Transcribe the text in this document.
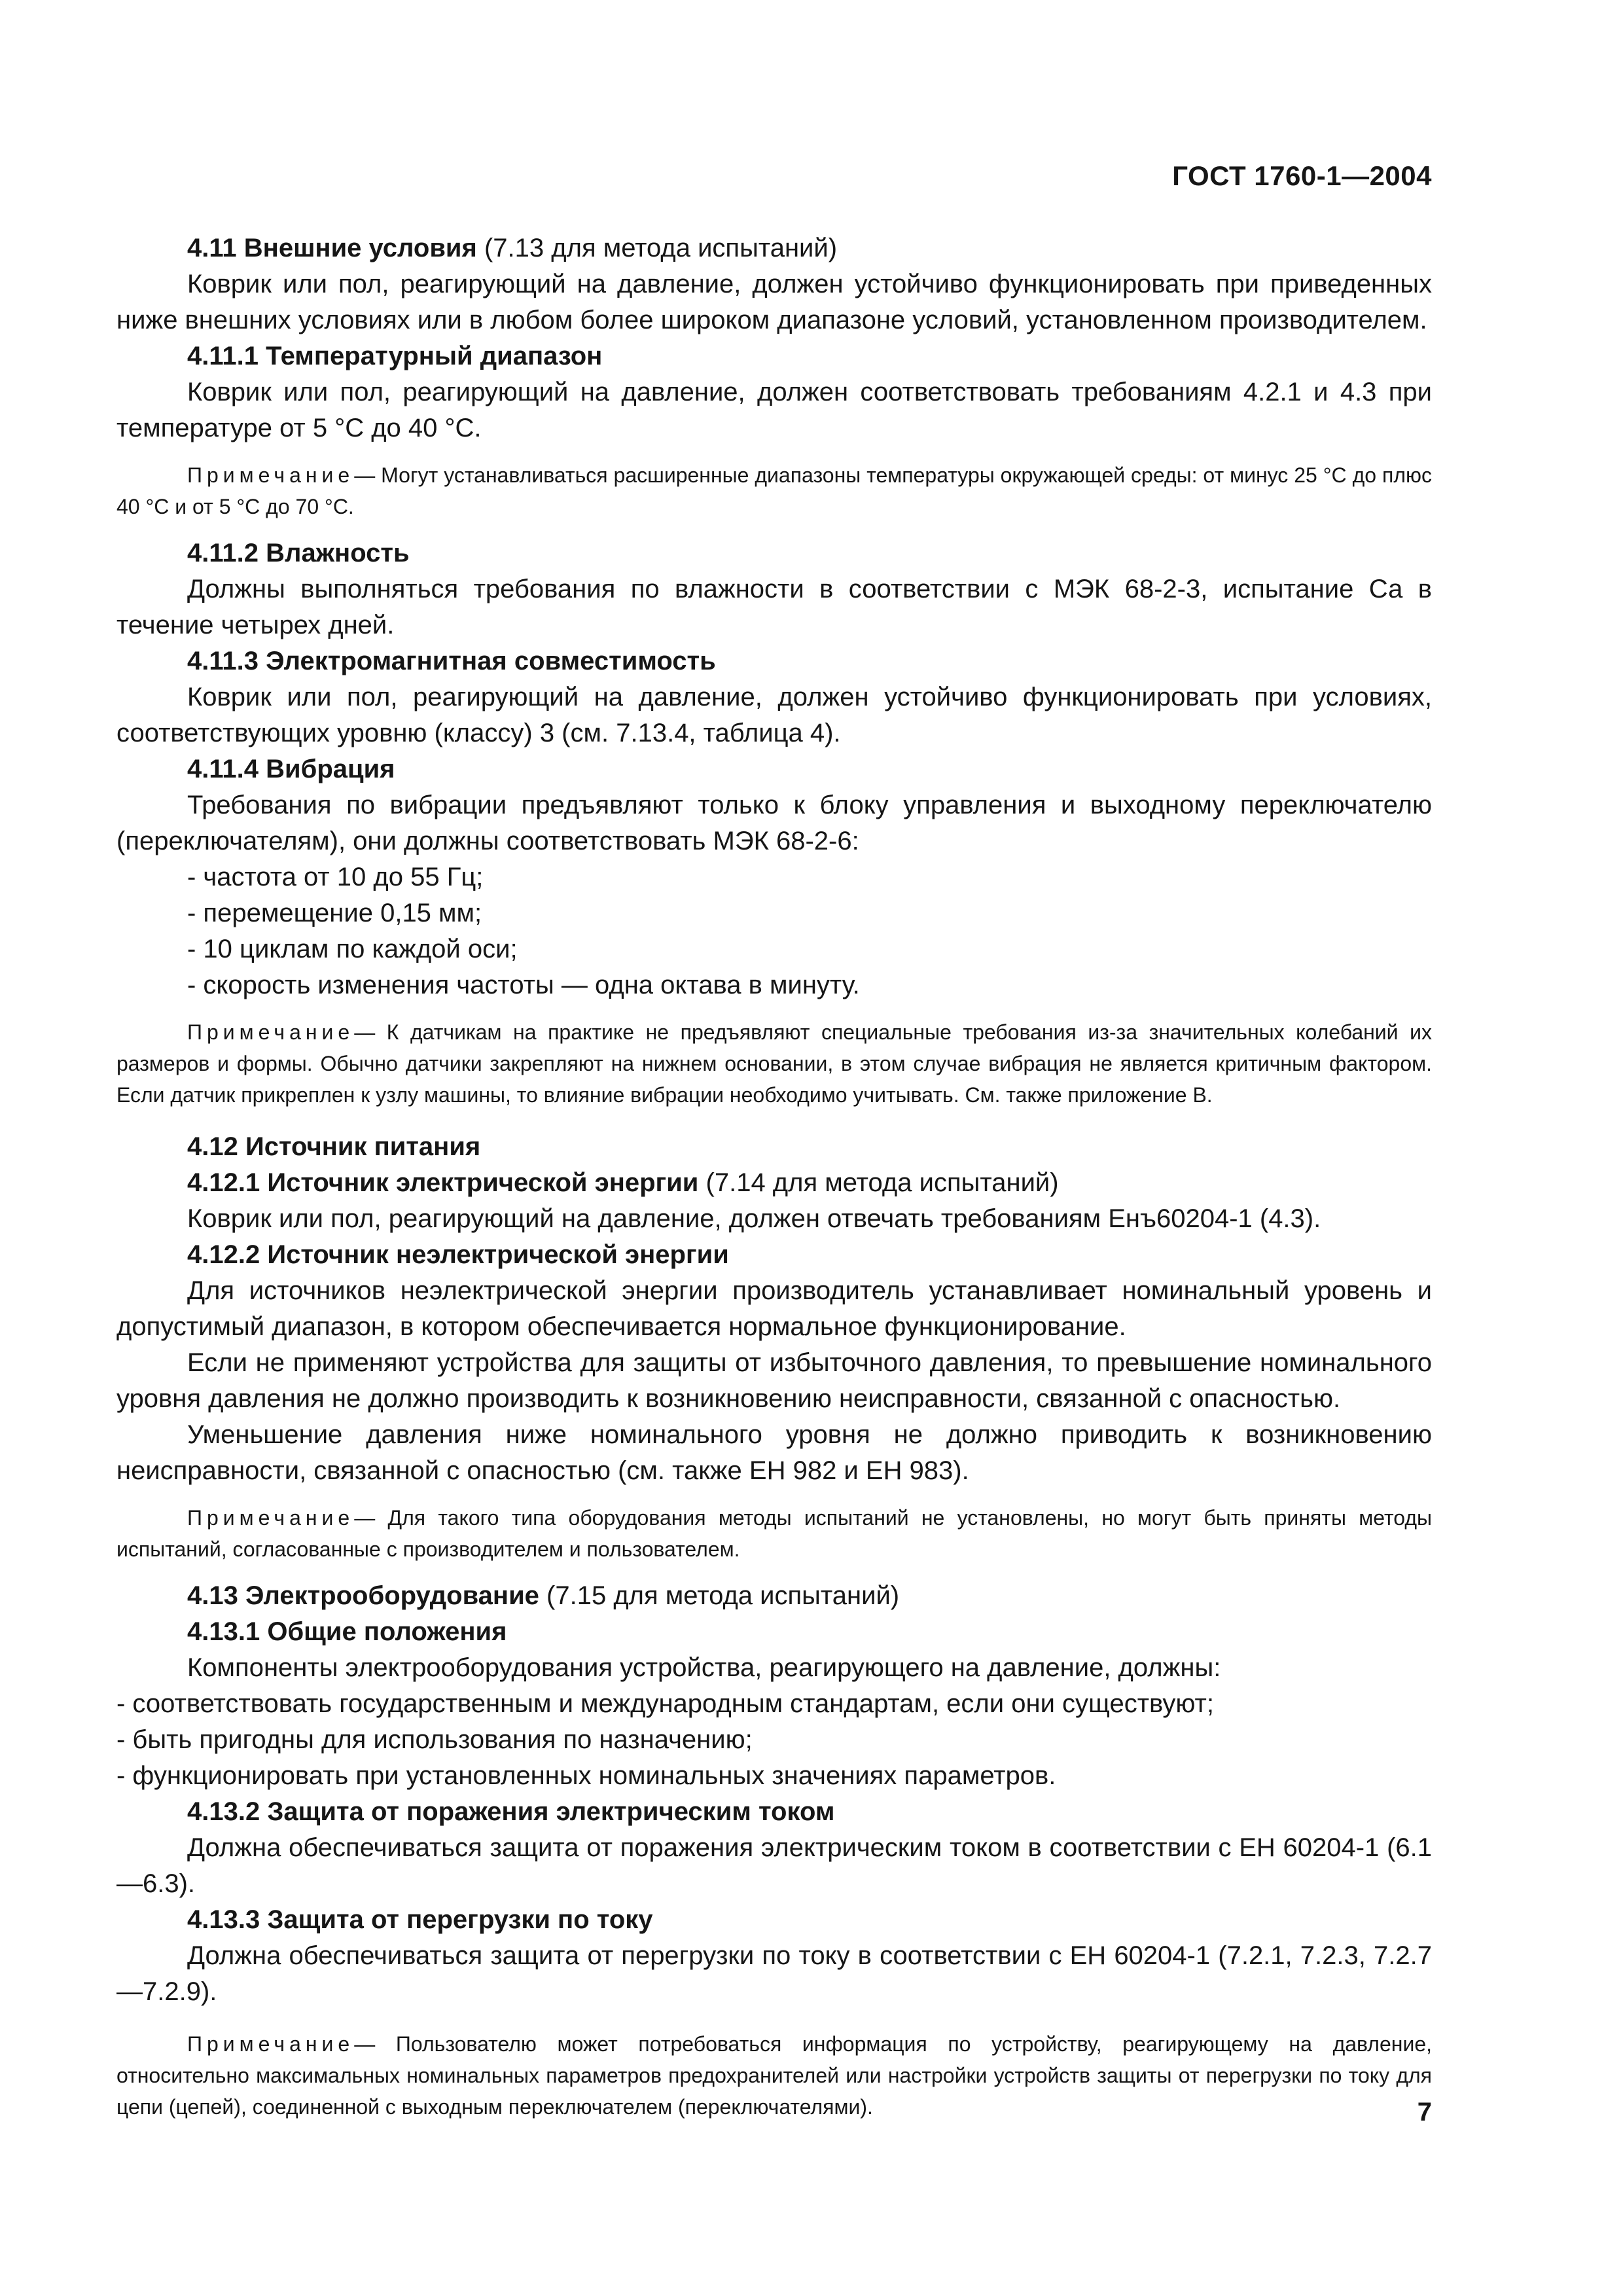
ГОСТ 1760-1—2004

4.11 Внешние условия (7.13 для метода испытаний)

Коврик или пол, реагирующий на давление, должен устойчиво функционировать при приведенных ниже внешних условиях или в любом более широком диапазоне условий, установленном производителем.

4.11.1 Температурный диапазон

Коврик или пол, реагирующий на давление, должен соответствовать требованиям 4.2.1 и 4.3 при температуре от 5 °C до 40 °C.

Примечание— Могут устанавливаться расширенные диапазоны температуры окружающей среды: от минус 25 °C до плюс 40 °C и от 5 °C до 70 °C.

4.11.2 Влажность

Должны выполняться требования по влажности в соответствии с МЭК 68-2-3, испытание Са в течение четырех дней.

4.11.3 Электромагнитная совместимость

Коврик или пол, реагирующий на давление, должен устойчиво функционировать при условиях, соответствующих уровню (классу) 3 (см. 7.13.4, таблица 4).

4.11.4 Вибрация

Требования по вибрации предъявляют только к блоку управления и выходному переключателю (переключателям), они должны соответствовать МЭК 68-2-6:

- частота от 10 до 55 Гц;

- перемещение 0,15 мм;

- 10 циклам по каждой оси;

- скорость изменения частоты — одна октава в минуту.

Примечание— К датчикам на практике не предъявляют специальные требования из-за значительных колебаний их размеров и формы. Обычно датчики закрепляют на нижнем основании, в этом случае вибрация не является критичным фактором. Если датчик прикреплен к узлу машины, то влияние вибрации необходимо учитывать. См. также приложение В.

4.12 Источник питания

4.12.1 Источник электрической энергии (7.14 для метода испытаний)

Коврик или пол, реагирующий на давление, должен отвечать требованиям Енъ60204-1 (4.3).

4.12.2 Источник неэлектрической энергии

Для источников неэлектрической энергии производитель устанавливает номинальный уровень и допустимый диапазон, в котором обеспечивается нормальное функционирование.

Если не применяют устройства для защиты от избыточного давления, то превышение номинального уровня давления не должно производить к возникновению неисправности, связанной с опасностью.

Уменьшение давления ниже номинального уровня не должно приводить к возникновению неисправности, связанной с опасностью (см. также ЕН 982 и ЕН 983).

Примечание— Для такого типа оборудования методы испытаний не установлены, но могут быть приняты методы испытаний, согласованные с производителем и пользователем.

4.13 Электрооборудование (7.15 для метода испытаний)

4.13.1 Общие положения

Компоненты электрооборудования устройства, реагирующего на давление, должны:

- соответствовать государственным и международным стандартам, если они существуют;

- быть пригодны для использования по назначению;

- функционировать при установленных номинальных значениях параметров.

4.13.2 Защита от поражения электрическим током

Должна обеспечиваться защита от поражения электрическим током в соответствии с ЕН 60204-1 (6.1—6.3).

4.13.3 Защита от перегрузки по току

Должна обеспечиваться защита от перегрузки по току в соответствии с ЕН 60204-1 (7.2.1, 7.2.3, 7.2.7—7.2.9).

Примечание— Пользователю может потребоваться информация по устройству, реагирующему на давление, относительно максимальных номинальных параметров предохранителей или настройки устройств защиты от перегрузки по току для цепи (цепей), соединенной с выходным переключателем (переключателями).	7
